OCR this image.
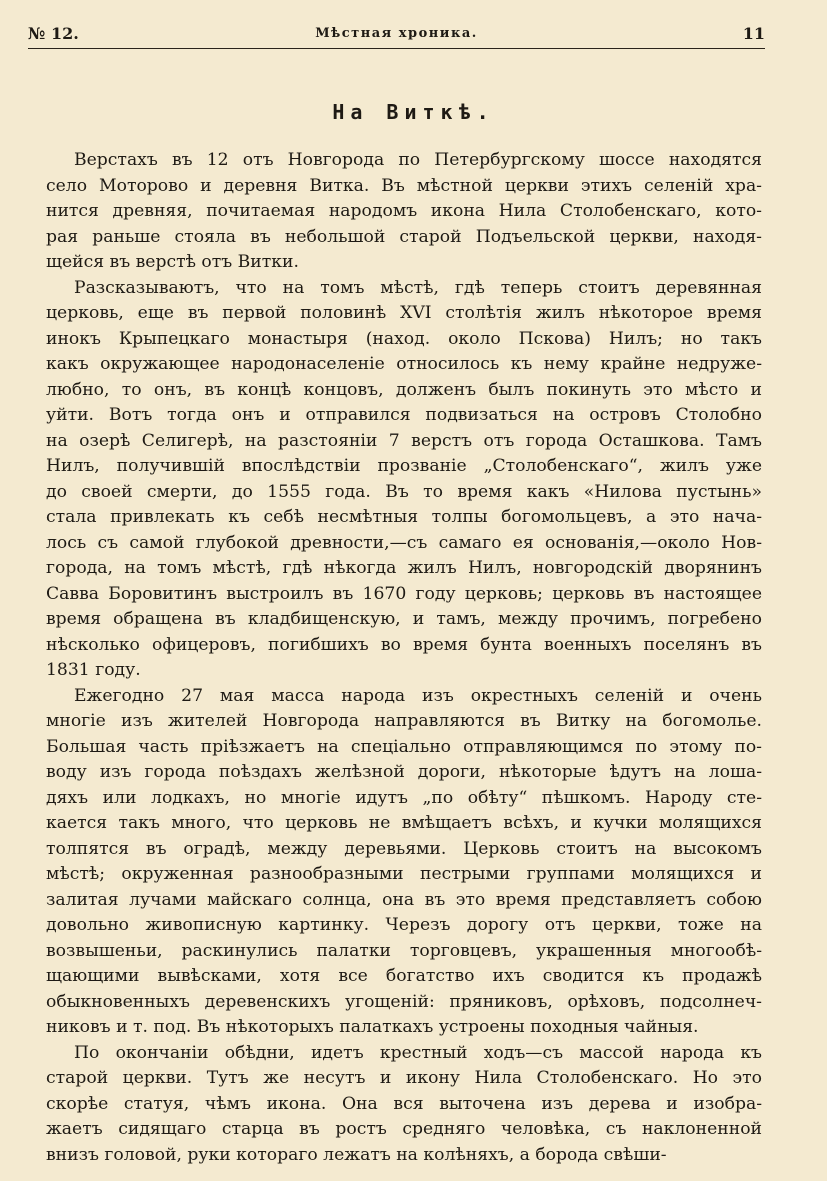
№ 12.	Мѣстная хроника.	11
На Виткѣ.
Верстахъ въ 12 отъ Новгорода по Петербургскому шоссе находятся
село Моторово и деревня Витка. Въ мѣстной церкви этихъ селеній хра-
нится древняя, почитаемая народомъ икона Нила Столобенскаго, кото-
рая раньше стояла въ небольшой старой Подъельской церкви, находя-
щейся въ верстѣ отъ Витки.
Разсказываютъ, что на томъ мѣстѣ, гдѣ теперь стоитъ деревянная
церковь, еще въ первой половинѣ XVI столѣтія жилъ нѣкоторое время
инокъ Крыпецкаго монастыря (наход. около Пскова) Нилъ; но такъ
какъ окружающее народонаселеніе относилось къ нему крайне недруже-
любно, то онъ, въ концѣ концовъ, долженъ былъ покинуть это мѣсто и
уйти. Вотъ тогда онъ и отправился подвизаться на островъ Столобно
на озерѣ Селигерѣ, на разстояніи 7 верстъ отъ города Осташкова. Тамъ
Нилъ, получившій впослѣдствіи прозваніе „Столобенскаго“, жилъ уже
до своей смерти, до 1555 года. Въ то время какъ «Нилова пустынь»
стала привлекать къ себѣ несмѣтныя толпы богомольцевъ, а это нача-
лось съ самой глубокой древности,—съ самаго ея основанія,—около Нов-
города, на томъ мѣстѣ, гдѣ нѣкогда жилъ Нилъ, новгородскій дворянинъ
Савва Боровитинъ выстроилъ въ 1670 году церковь; церковь въ настоящее
время обращена въ кладбищенскую, и тамъ, между прочимъ, погребено
нѣсколько офицеровъ, погибшихъ во время бунта военныхъ поселянъ въ
1831 году.
Ежегодно 27 мая масса народа изъ окрестныхъ селеній и очень
многіе изъ жителей Новгорода направляются въ Витку на богомолье.
Большая часть пріѣзжаетъ на спеціально отправляющимся по этому по-
воду изъ города поѣздахъ желѣзной дороги, нѣкоторые ѣдутъ на лоша-
дяхъ или лодкахъ, но многіе идутъ „по обѣту“ пѣшкомъ. Народу сте-
кается такъ много, что церковь не вмѣщаетъ всѣхъ, и кучки молящихся
толпятся въ оградѣ, между деревьями. Церковь стоитъ на высокомъ
мѣстѣ; окруженная разнообразными пестрыми группами молящихся и
залитая лучами майскаго солнца, она въ это время представляетъ собою
довольно живописную картинку. Черезъ дорогу отъ церкви, тоже на
возвышеньи, раскинулись палатки торговцевъ, украшенныя многообѣ-
щающими вывѣсками, хотя все богатство ихъ сводится къ продажѣ
обыкновенныхъ деревенскихъ угощеній: пряниковъ, орѣховъ, подсолнеч-
никовъ и т. под. Въ нѣкоторыхъ палаткахъ устроены походныя чайныя.
По окончаніи обѣдни, идетъ крестный ходъ—съ массой народа къ
старой церкви. Тутъ же несутъ и икону Нила Столобенскаго. Но это
скорѣе статуя, чѣмъ икона. Она вся выточена изъ дерева и изобра-
жаетъ сидящаго старца въ ростъ средняго человѣка, съ наклоненной
внизъ головой, руки котораго лежатъ на колѣняхъ, а борода свѣши-
